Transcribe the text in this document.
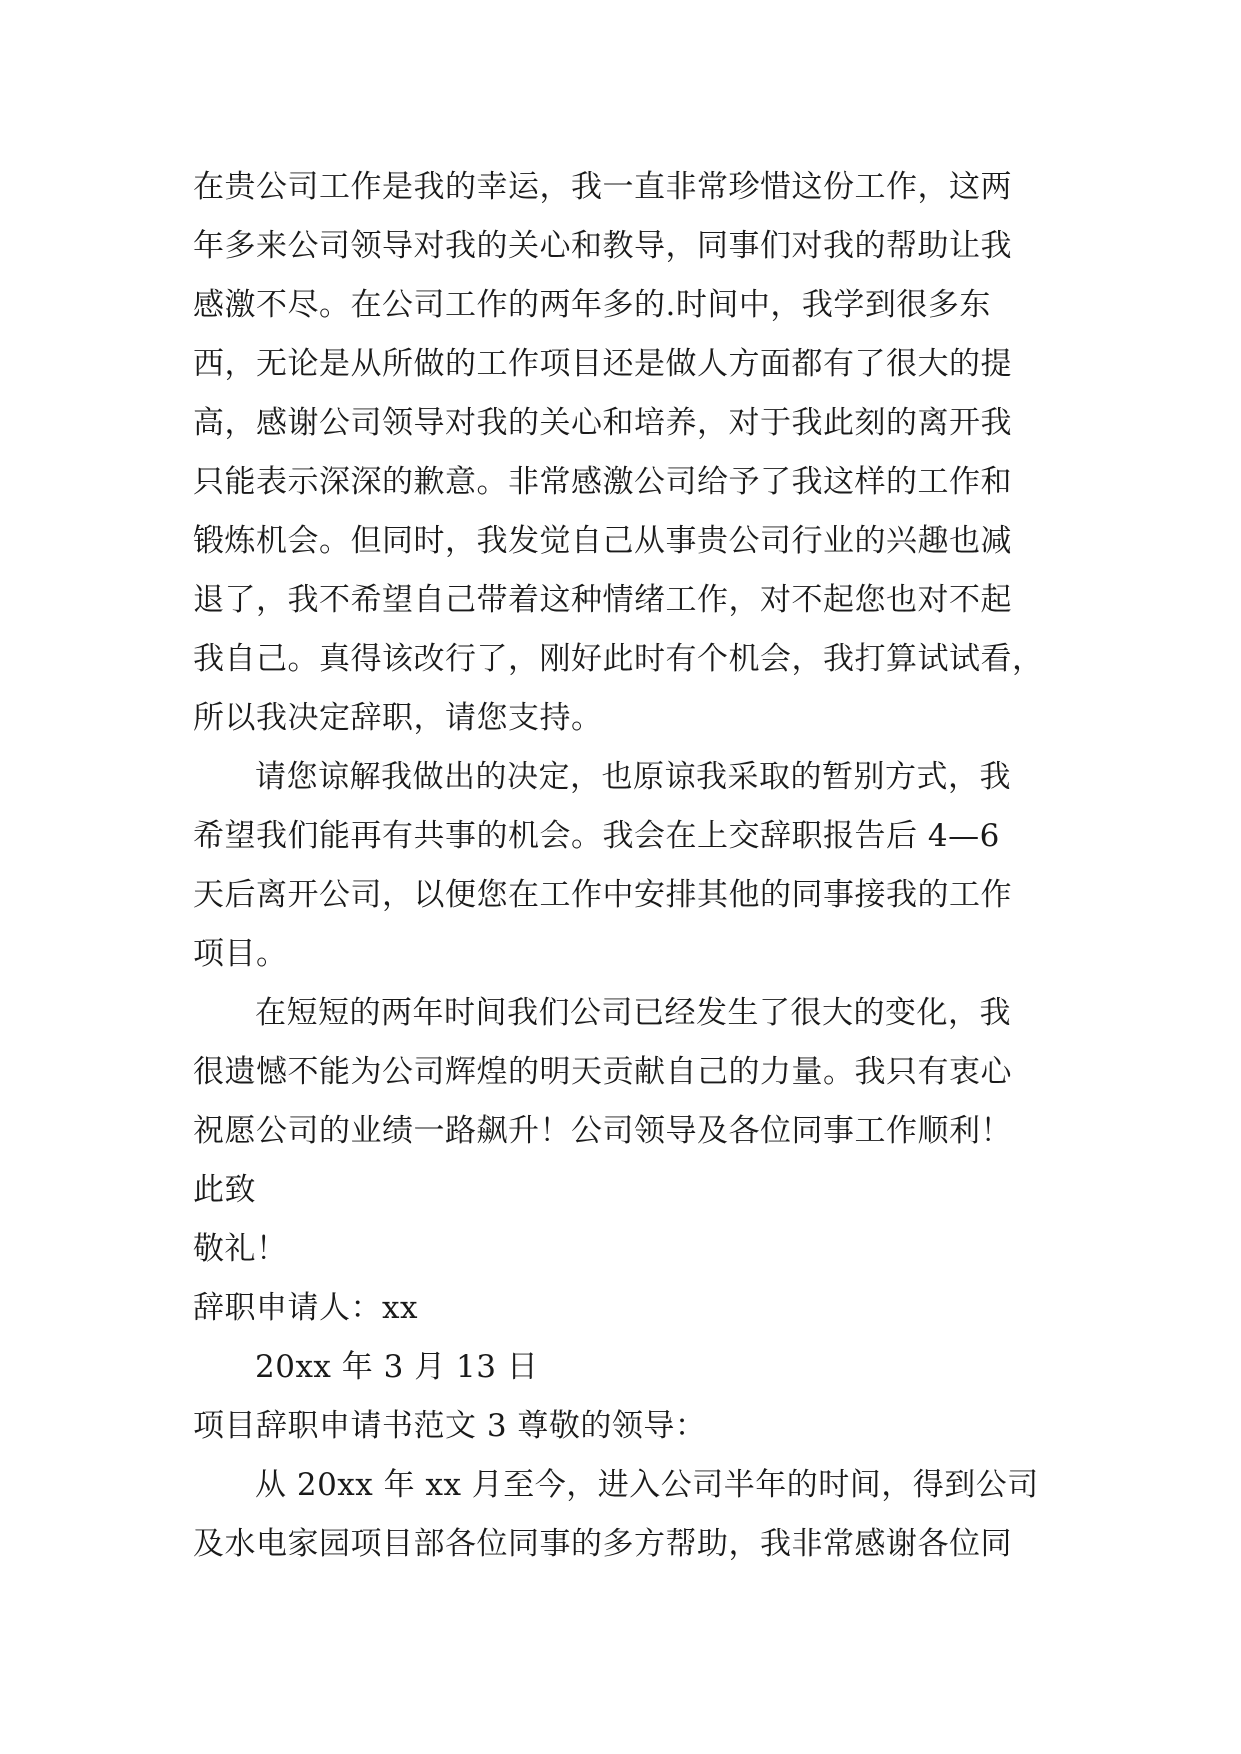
在贵公司工作是我的幸运，我一直非常珍惜这份工作，这两
年多来公司领导对我的关心和教导，同事们对我的帮助让我
感激不尽。在公司工作的两年多的.时间中，我学到很多东
西，无论是从所做的工作项目还是做人方面都有了很大的提
高，感谢公司领导对我的关心和培养，对于我此刻的离开我
只能表示深深的歉意。非常感激公司给予了我这样的工作和
锻炼机会。但同时，我发觉自己从事贵公司行业的兴趣也减
退了，我不希望自己带着这种情绪工作，对不起您也对不起
我自己。真得该改行了，刚好此时有个机会，我打算试试看，
所以我决定辞职，请您支持。
请您谅解我做出的决定，也原谅我采取的暂别方式，我
希望我们能再有共事的机会。我会在上交辞职报告后 4—6
天后离开公司，以便您在工作中安排其他的同事接我的工作
项目。
在短短的两年时间我们公司已经发生了很大的变化，我
很遗憾不能为公司辉煌的明天贡献自己的力量。我只有衷心
祝愿公司的业绩一路飙升！公司领导及各位同事工作顺利！
此致
敬礼！
辞职申请人：xx
20xx 年 3 月 13 日
项目辞职申请书范文 3 尊敬的领导：
从 20xx 年 xx 月至今，进入公司半年的时间，得到公司
及水电家园项目部各位同事的多方帮助，我非常感谢各位同
